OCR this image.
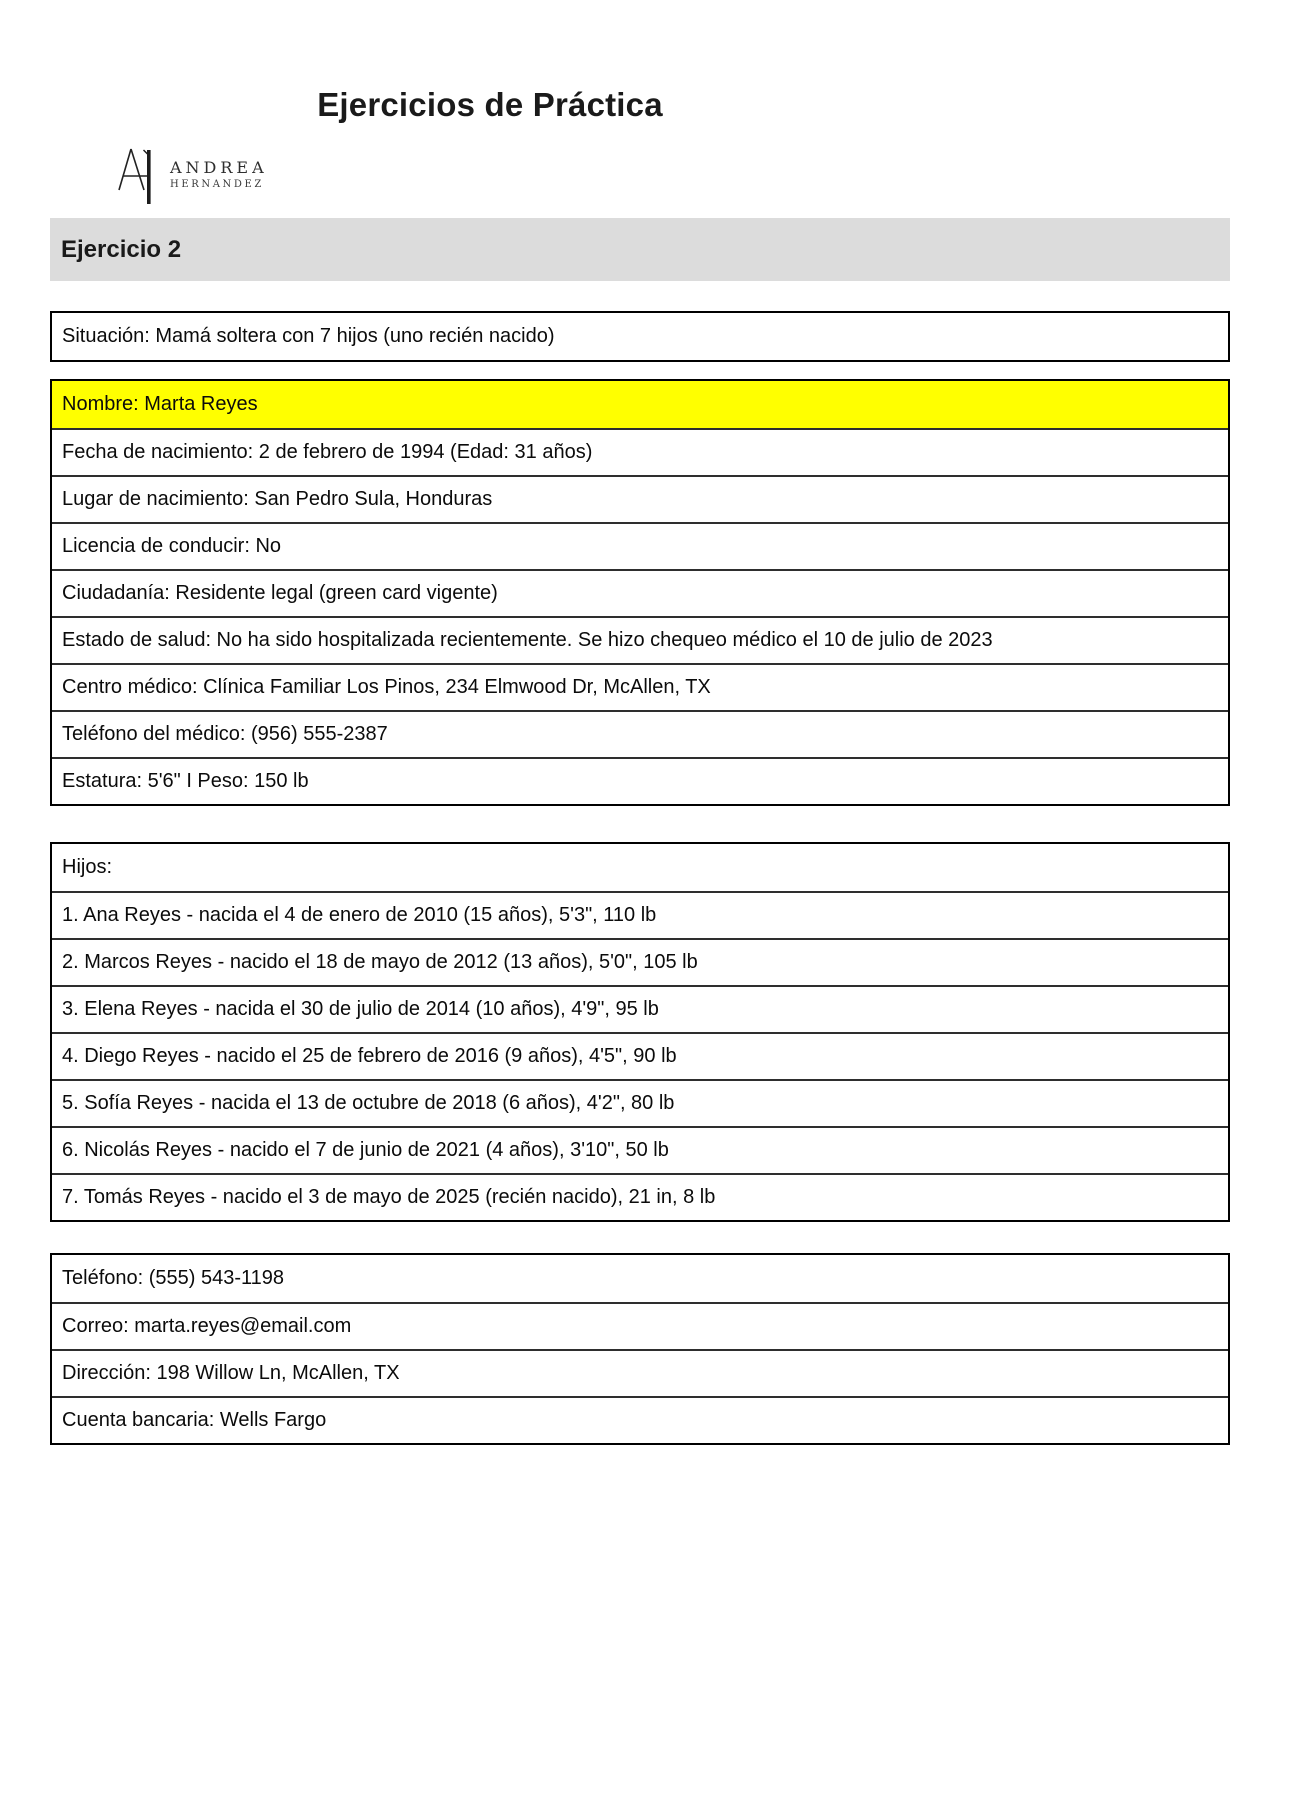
Ejercicios de Práctica
ANDREA
HERNANDEZ
Ejercicio 2
Situación: Mamá soltera con 7 hijos (uno recién nacido)
Nombre: Marta Reyes
Fecha de nacimiento: 2 de febrero de 1994 (Edad: 31 años)
Lugar de nacimiento: San Pedro Sula, Honduras
Licencia de conducir: No
Ciudadanía: Residente legal (green card vigente)
Estado de salud: No ha sido hospitalizada recientemente. Se hizo chequeo médico el 10 de julio de 2023
Centro médico: Clínica Familiar Los Pinos, 234 Elmwood Dr, McAllen, TX
Teléfono del médico: (956) 555-2387
Estatura: 5'6" I Peso: 150 lb
Hijos:
1. Ana Reyes - nacida el 4 de enero de 2010 (15 años), 5'3", 110 lb
2. Marcos Reyes - nacido el 18 de mayo de 2012 (13 años), 5'0", 105 lb
3. Elena Reyes - nacida el 30 de julio de 2014 (10 años), 4'9", 95 lb
4. Diego Reyes - nacido el 25 de febrero de 2016 (9 años), 4'5", 90 lb
5. Sofía Reyes - nacida el 13 de octubre de 2018 (6 años), 4'2", 80 lb
6. Nicolás Reyes - nacido el 7 de junio de 2021 (4 años), 3'10", 50 lb
7. Tomás Reyes - nacido el 3 de mayo de 2025 (recién nacido), 21 in, 8 lb
Teléfono: (555) 543-1198
Correo: marta.reyes@email.com
Dirección: 198 Willow Ln, McAllen, TX
Cuenta bancaria: Wells Fargo
